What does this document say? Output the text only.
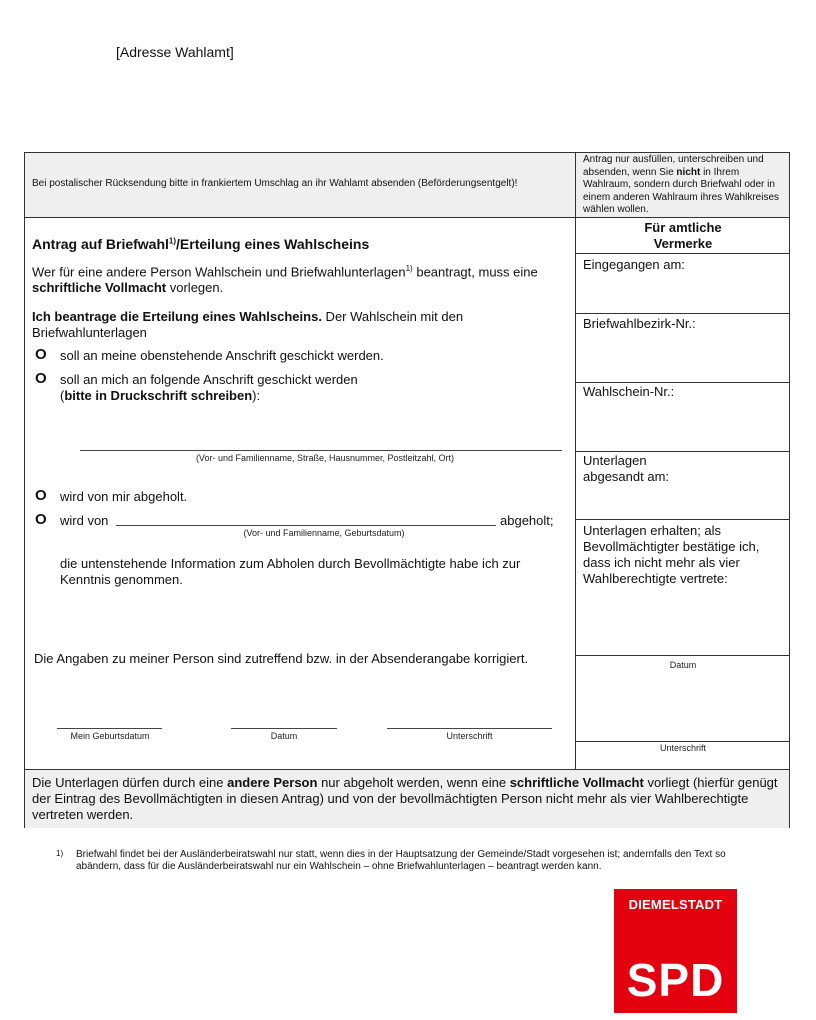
[Adresse Wahlamt]
Bei postalischer Rücksendung bitte in frankiertem Umschlag an ihr Wahlamt absenden (Beförderungsentgelt)!
Antrag nur ausfüllen, unterschreiben und absenden, wenn Sie nicht in Ihrem Wahlraum, sondern durch Briefwahl oder in einem anderen Wahlraum ihres Wahlkreises wählen wollen.
Antrag auf Briefwahl$^{1)}$/Erteilung eines Wahlscheins
Wer für eine andere Person Wahlschein und Briefwahlunterlagen$^{1)}$ beantragt, muss eine schriftliche Vollmacht vorlegen.
Ich beantrage die Erteilung eines Wahlscheins. Der Wahlschein mit den Briefwahlunterlagen
O soll an meine obenstehende Anschrift geschickt werden.
O soll an mich an folgende Anschrift geschickt werden
(bitte in Druckschrift schreiben):
(Vor- und Familienname, Straße, Hausnummer, Postleitzahl, Ort)
O wird von mir abgeholt.
O wird von	abgeholt;
(Vor- und Familienname, Geburtsdatum)
die untenstehende Information zum Abholen durch Bevollmächtigte habe ich zur Kenntnis genommen.
Die Angaben zu meiner Person sind zutreffend bzw. in der Absenderangabe korrigiert.
Mein Geburtsdatum	Datum	Unterschrift
Für amtliche Vermerke
Eingegangen am:
Briefwahlbezirk-Nr.:
Wahlschein-Nr.:
Unterlagen abgesandt am:
Unterlagen erhalten; als Bevollmächtigter bestätige ich, dass ich nicht mehr als vier Wahlberechtigte vertrete:
Datum
Unterschrift
Die Unterlagen dürfen durch eine andere Person nur abgeholt werden, wenn eine schriftliche Vollmacht vorliegt (hierfür genügt der Eintrag des Bevollmächtigten in diesen Antrag) und von der bevollmächtigten Person nicht mehr als vier Wahlberechtigte vertreten werden.
1) Briefwahl findet bei der Ausländerbeiratswahl nur statt, wenn dies in der Hauptsatzung der Gemeinde/Stadt vorgesehen ist; andernfalls den Text so abändern, dass für die Ausländerbeiratswahl nur ein Wahlschein – ohne Briefwahlunterlagen – beantragt werden kann.
DIEMELSTADT
SPD
